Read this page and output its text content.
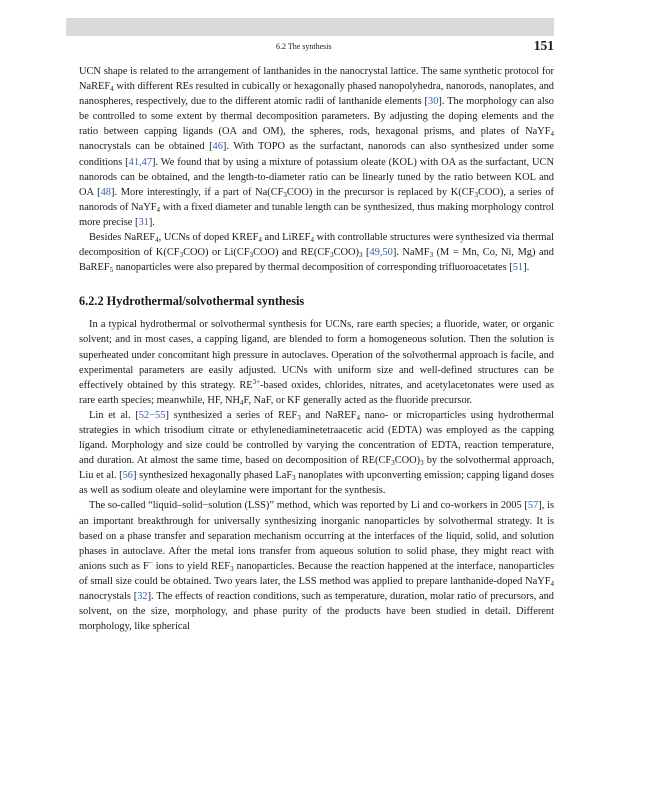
6.2 The synthesis	151

UCN shape is related to the arrangement of lanthanides in the nanocrystal lattice. The same synthetic protocol for NaREF$_4$ with different REs resulted in cubically or hexagonally phased nanopolyhedra, nanorods, nanoplates, and nanospheres, respectively, due to the different atomic radii of lanthanide elements [30]. The morphology can also be controlled to some extent by thermal decomposition parameters. By adjusting the doping elements and the ratio between capping ligands (OA and OM), the spheres, rods, hexagonal prisms, and plates of NaYF$_4$ nanocrystals can be obtained [46]. With TOPO as the surfactant, nanorods can also synthesized under some conditions [41,47]. We found that by using a mixture of potassium oleate (KOL) with OA as the surfactant, UCN nanorods can be obtained, and the length-to-diameter ratio can be linearly tuned by the ratio between KOL and OA [48]. More interestingly, if a part of $Na(CF_3COO)$ in the precursor is replaced by $K(CF_3COO)$, a series of nanorods of NaYF$_4$ with a fixed diameter and tunable length can be synthesized, thus making morphology control more precise [31].

Besides NaREF$_4$, UCNs of doped $KREF_4$ and LiREF$_4$ with controllable structures were synthesized via thermal decomposition of $K(CF_3COO)$ or $Li(CF_3COO)$ and $RE(CF_3COO)_3$ [49,50]. NaMF$_3$ (M = Mn, Co, Ni, Mg) and BaREF$_5$ nanoparticles were also prepared by thermal decomposition of corresponding trifluoroacetates [51].

6.2.2 Hydrothermal/solvothermal synthesis

In a typical hydrothermal or solvothermal synthesis for UCNs, rare earth species; a fluoride, water, or organic solvent; and in most cases, a capping ligand, are blended to form a homogeneous solution. Then the solution is superheated under concomitant high pressure in autoclaves. Operation of the solvothermal approach is facile, and experimental parameters are easily adjusted. UCNs with uniform size and well-defined structures can be effectively obtained by this strategy. $RE^{3+}$-based oxides, chlorides, nitrates, and acetylacetonates were used as rare earth species; meanwhile, HF, $NH_4F$, NaF, or KF generally acted as the fluoride precursor.

Lin et al. [52−55] synthesized a series of $REF_3$ and NaREF$_4$ nano- or microparticles using hydrothermal strategies in which trisodium citrate or ethylenediaminetetraacetic acid (EDTA) was employed as the capping ligand. Morphology and size could be controlled by varying the concentration of EDTA, reaction temperature, and duration. At almost the same time, based on decomposition of $RE(CF_3COO)_3$ by the solvothermal approach, Liu et al. [56] synthesized hexagonally phased LaF$_3$ nanoplates with upconverting emission; capping ligand doses as well as sodium oleate and oleylamine were important for the synthesis.

The so-called “liquid–solid−solution (LSS)” method, which was reported by Li and co-workers in 2005 [57], is an important breakthrough for universally synthesizing inorganic nanoparticles by solvothermal strategy. It is based on a phase transfer and separation mechanism occurring at the interfaces of the liquid, solid, and solution phases in autoclave. After the metal ions transfer from aqueous solution to solid phase, they might react with anions such as F− ions to yield $REF_3$ nanoparticles. Because the reaction happened at the interface, nanoparticles of small size could be obtained. Two years later, the LSS method was applied to prepare lanthanide-doped NaYF$_4$ nanocrystals [32]. The effects of reaction conditions, such as temperature, duration, molar ratio of precursors, and solvent, on the size, morphology, and phase purity of the products have been studied in detail. Different morphology, like spherical
